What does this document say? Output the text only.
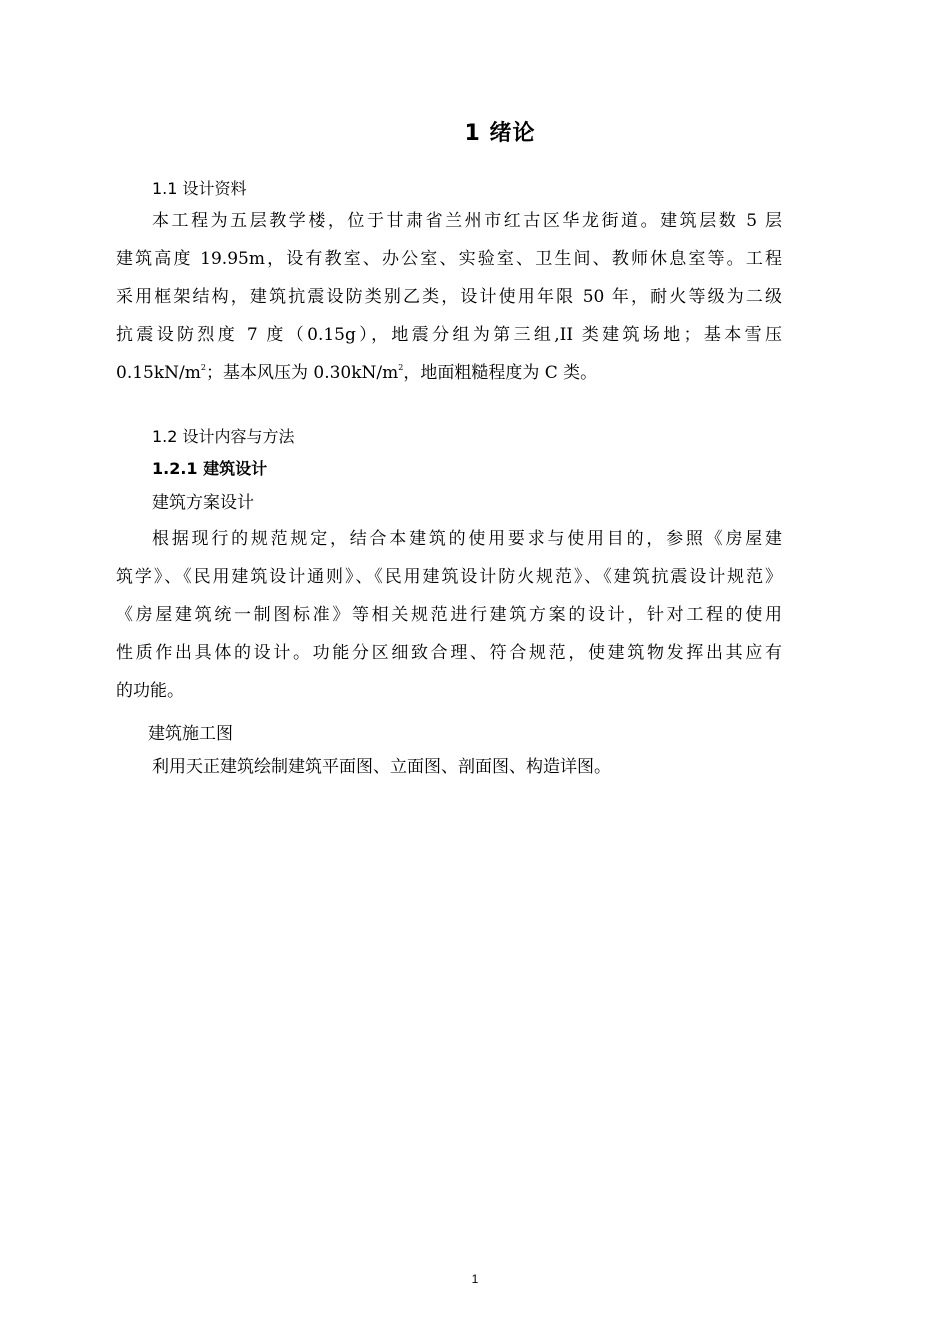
1 绪论
1.1 设计资料
本工程为五层教学楼，位于甘肃省兰州市红古区华龙街道。建筑层数 5 层
建筑高度 19.95m，设有教室、办公室、实验室、卫生间、教师休息室等。工程
采用框架结构，建筑抗震设防类别乙类，设计使用年限 50 年，耐火等级为二级
抗震设防烈度 7 度（0.15g），地震分组为第三组,II 类建筑场地；基本雪压
$0.15kN/m^2$；基本风压为 $0.30kN/m^2$，地面粗糙程度为 C 类。
1.2 设计内容与方法
1.2.1 建筑设计
建筑方案设计
根据现行的规范规定，结合本建筑的使用要求与使用目的，参照《房屋建
筑学》、《民用建筑设计通则》、《民用建筑设计防火规范》、《建筑抗震设计规范》
《房屋建筑统一制图标准》等相关规范进行建筑方案的设计，针对工程的使用
性质作出具体的设计。功能分区细致合理、符合规范，使建筑物发挥出其应有
的功能。
建筑施工图
利用天正建筑绘制建筑平面图、立面图、剖面图、构造详图。
1
